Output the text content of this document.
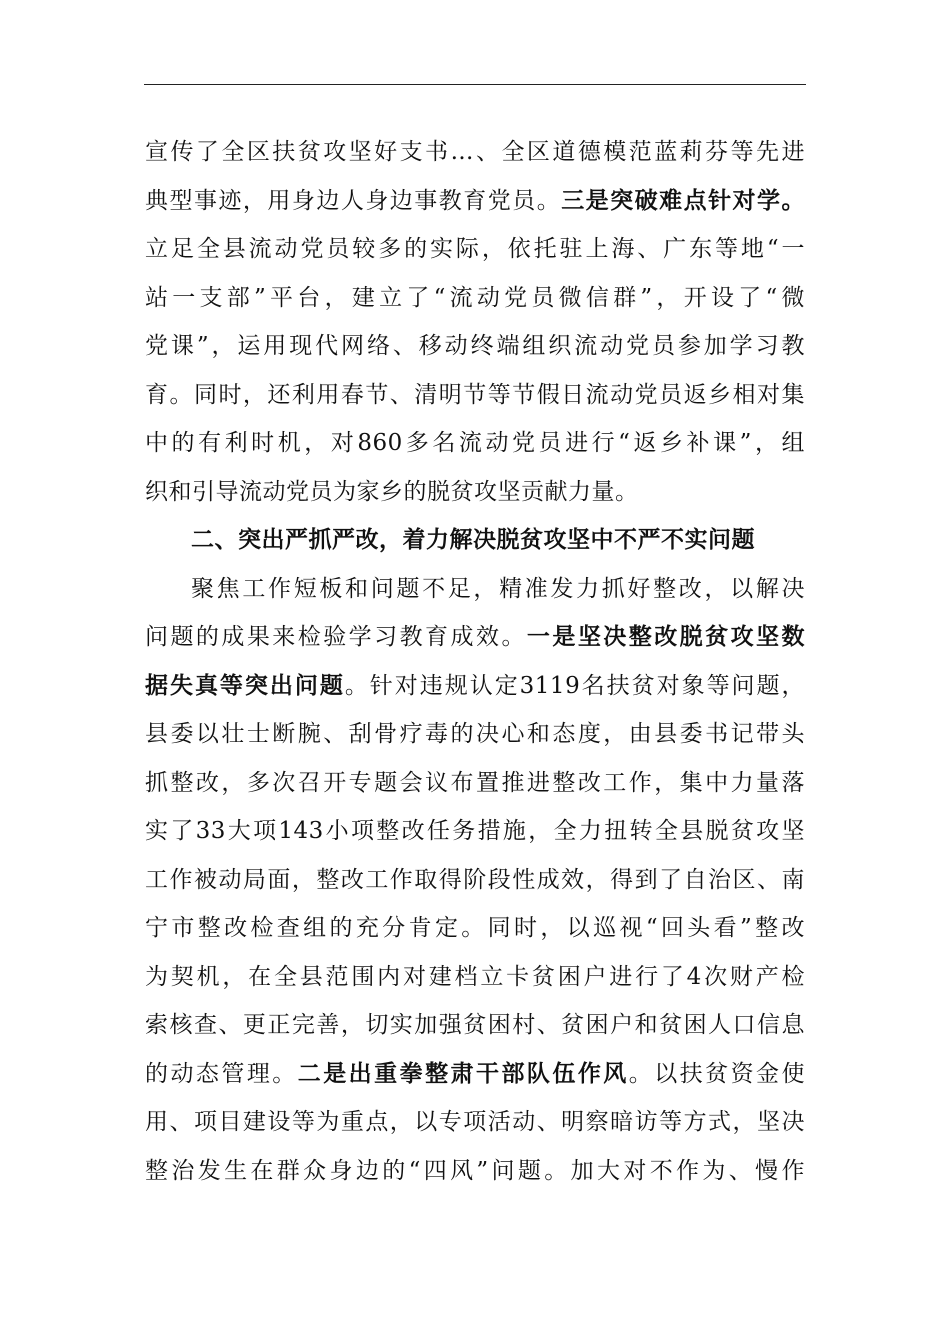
宣传了全区扶贫攻坚好支书…、全区道德模范蓝莉芬等先进
典型事迹，用身边人身边事教育党员。三是突破难点针对学。
立足全县流动党员较多的实际，依托驻上海、广东等地“一
站一支部”平台，建立了“流动党员微信群”，开设了“微
党课”，运用现代网络、移动终端组织流动党员参加学习教
育。同时，还利用春节、清明节等节假日流动党员返乡相对集
中的有利时机，对860多名流动党员进行“返乡补课”，组
织和引导流动党员为家乡的脱贫攻坚贡献力量。
二、突出严抓严改，着力解决脱贫攻坚中不严不实问题
聚焦工作短板和问题不足，精准发力抓好整改，以解决
问题的成果来检验学习教育成效。一是坚决整改脱贫攻坚数
据失真等突出问题。针对违规认定3119名扶贫对象等问题，
县委以壮士断腕、刮骨疗毒的决心和态度，由县委书记带头
抓整改，多次召开专题会议布置推进整改工作，集中力量落
实了33大项143小项整改任务措施，全力扭转全县脱贫攻坚
工作被动局面，整改工作取得阶段性成效，得到了自治区、南
宁市整改检查组的充分肯定。同时，以巡视“回头看”整改
为契机，在全县范围内对建档立卡贫困户进行了4次财产检
索核查、更正完善，切实加强贫困村、贫困户和贫困人口信息
的动态管理。二是出重拳整肃干部队伍作风。以扶贫资金使
用、项目建设等为重点，以专项活动、明察暗访等方式，坚决
整治发生在群众身边的“四风”问题。加大对不作为、慢作
